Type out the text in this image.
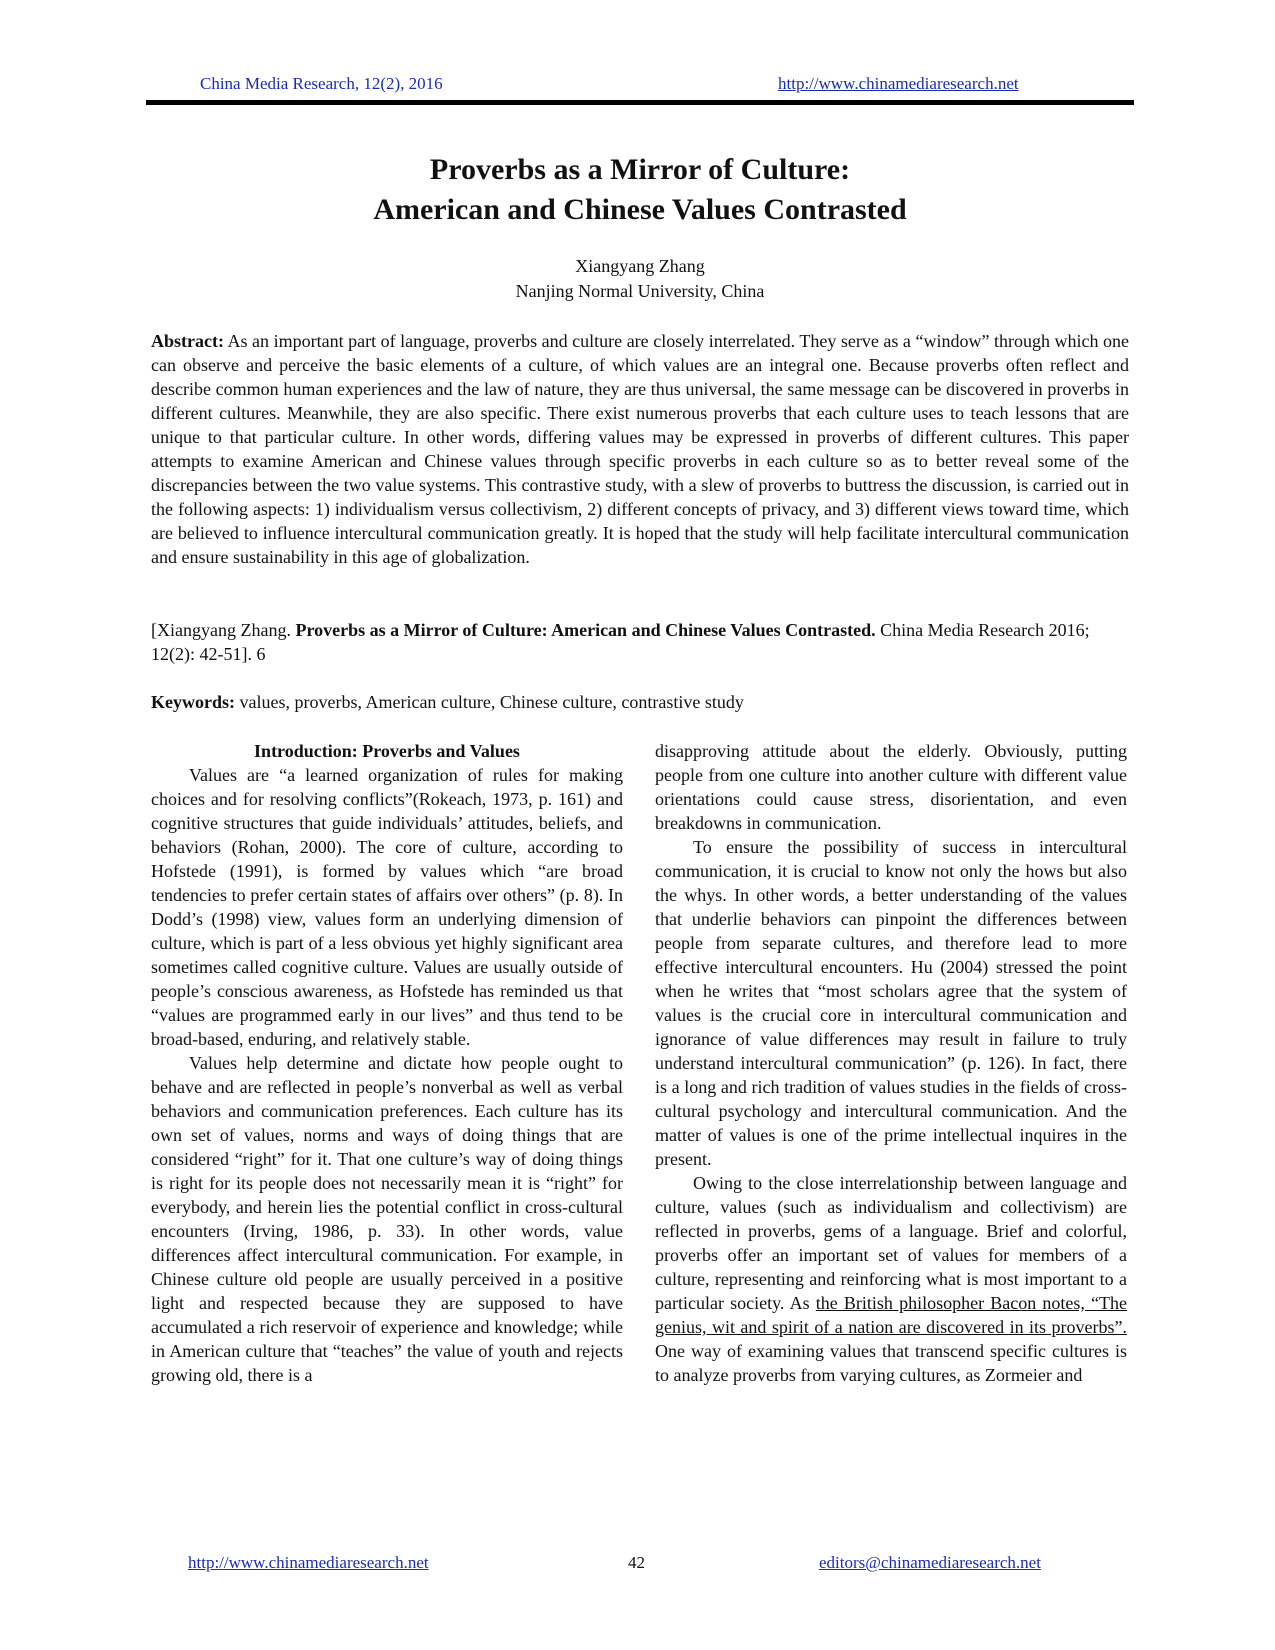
China Media Research, 12(2), 2016	http://www.chinamediaresearch.net
Proverbs as a Mirror of Culture:
American and Chinese Values Contrasted
Xiangyang Zhang
Nanjing Normal University, China
Abstract: As an important part of language, proverbs and culture are closely interrelated. They serve as a “window” through which one can observe and perceive the basic elements of a culture, of which values are an integral one. Because proverbs often reflect and describe common human experiences and the law of nature, they are thus universal, the same message can be discovered in proverbs in different cultures. Meanwhile, they are also specific. There exist numerous proverbs that each culture uses to teach lessons that are unique to that particular culture. In other words, differing values may be expressed in proverbs of different cultures. This paper attempts to examine American and Chinese values through specific proverbs in each culture so as to better reveal some of the discrepancies between the two value systems. This contrastive study, with a slew of proverbs to buttress the discussion, is carried out in the following aspects: 1) individualism versus collectivism, 2) different concepts of privacy, and 3) different views toward time, which are believed to influence intercultural communication greatly. It is hoped that the study will help facilitate intercultural communication and ensure sustainability in this age of globalization.
[Xiangyang Zhang. Proverbs as a Mirror of Culture: American and Chinese Values Contrasted. China Media Research 2016; 12(2): 42-51]. 6
Keywords: values, proverbs, American culture, Chinese culture, contrastive study
Introduction: Proverbs and Values

Values are “a learned organization of rules for making choices and for resolving conflicts”(Rokeach, 1973, p. 161) and cognitive structures that guide individuals’ attitudes, beliefs, and behaviors (Rohan, 2000). The core of culture, according to Hofstede (1991), is formed by values which “are broad tendencies to prefer certain states of affairs over others” (p. 8). In Dodd’s (1998) view, values form an underlying dimension of culture, which is part of a less obvious yet highly significant area sometimes called cognitive culture. Values are usually outside of people’s conscious awareness, as Hofstede has reminded us that “values are programmed early in our lives” and thus tend to be broad-based, enduring, and relatively stable.

Values help determine and dictate how people ought to behave and are reflected in people’s nonverbal as well as verbal behaviors and communication preferences. Each culture has its own set of values, norms and ways of doing things that are considered “right” for it. That one culture’s way of doing things is right for its people does not necessarily mean it is “right” for everybody, and herein lies the potential conflict in cross-cultural encounters (Irving, 1986, p. 33). In other words, value differences affect intercultural communication. For example, in Chinese culture old people are usually perceived in a positive light and respected because they are supposed to have accumulated a rich reservoir of experience and knowledge; while in American culture that “teaches” the value of youth and rejects growing old, there is a

disapproving attitude about the elderly. Obviously, putting people from one culture into another culture with different value orientations could cause stress, disorientation, and even breakdowns in communication.

To ensure the possibility of success in intercultural communication, it is crucial to know not only the hows but also the whys. In other words, a better understanding of the values that underlie behaviors can pinpoint the differences between people from separate cultures, and therefore lead to more effective intercultural encounters. Hu (2004) stressed the point when he writes that “most scholars agree that the system of values is the crucial core in intercultural communication and ignorance of value differences may result in failure to truly understand intercultural communication” (p. 126). In fact, there is a long and rich tradition of values studies in the fields of cross-cultural psychology and intercultural communication. And the matter of values is one of the prime intellectual inquires in the present.

Owing to the close interrelationship between language and culture, values (such as individualism and collectivism) are reflected in proverbs, gems of a language. Brief and colorful, proverbs offer an important set of values for members of a culture, representing and reinforcing what is most important to a particular society. As the British philosopher Bacon notes, “The genius, wit and spirit of a nation are discovered in its proverbs”. One way of examining values that transcend specific cultures is to analyze proverbs from varying cultures, as Zormeier and

http://www.chinamediaresearch.net	42	editors@chinamediaresearch.net
